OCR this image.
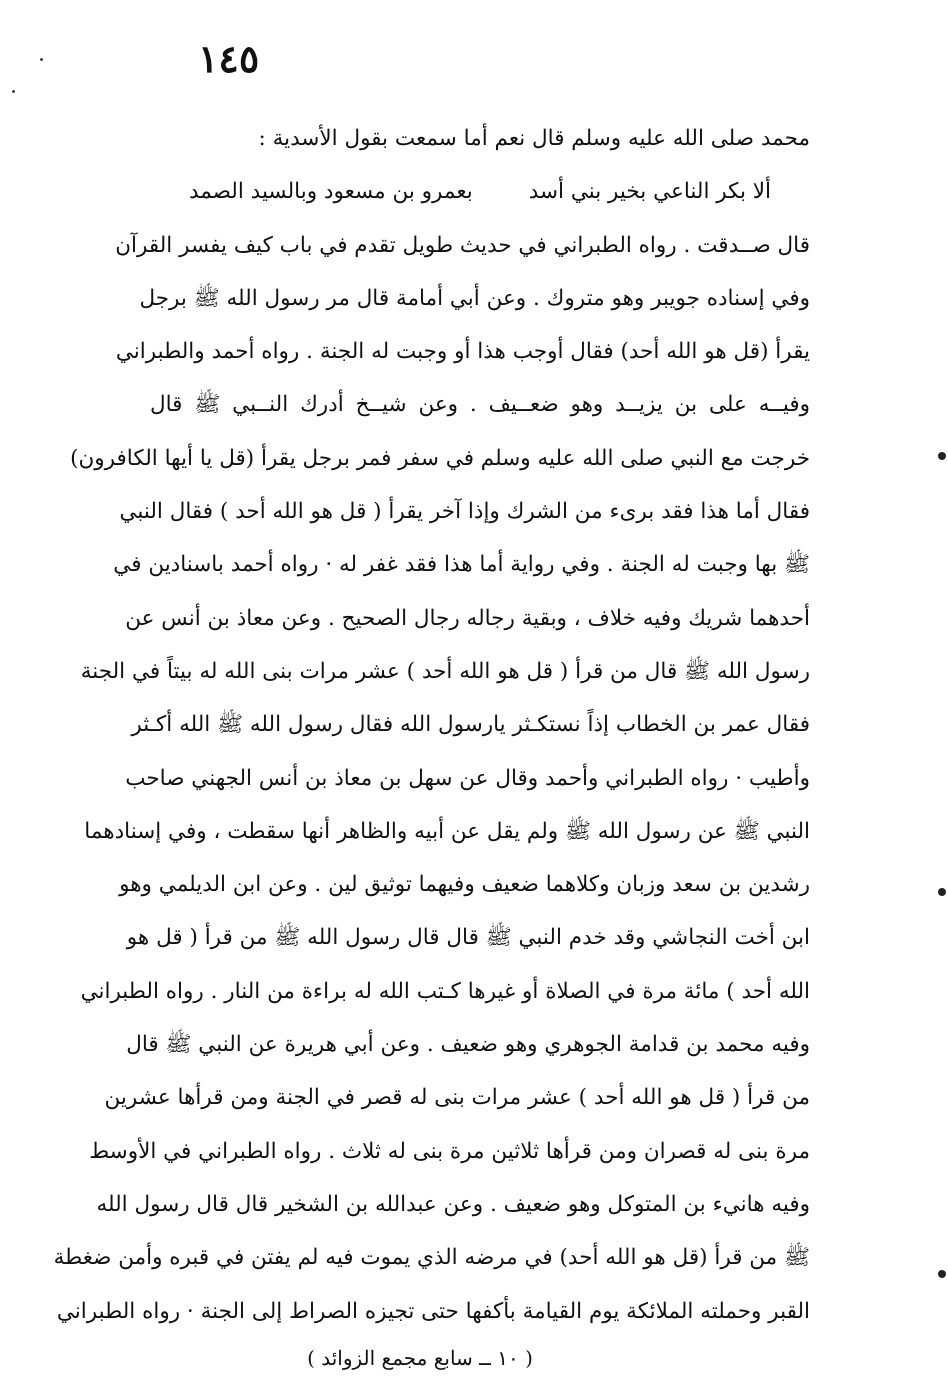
١٤٥
محمد صلى الله عليه وسلم قال نعم أما سمعت بقول الأسدية :
ألا بكر الناعي بخير بني أسدبعمرو بن مسعود وبالسيد الصمد
قال صــدقت . رواه الطبراني في حديث طويل تقدم في باب كيف يفسر القرآن
وفي إسناده جويبر وهو متروك . وعن أبي أمامة قال مر رسول الله ﷺ برجل
يقرأ (قل هو الله أحد) فقال أوجب هذا أو وجبت له الجنة . رواه أحمد والطبراني
وفيــه على بن يزيــد وهو ضعــيف . وعن شيــخ أدرك النــبي ﷺ قال
خرجت مع النبي صلى الله عليه وسلم في سفر فمر برجل يقرأ (قل يا أيها الكافرون)
فقال أما هذا فقد برىء من الشرك وإذا آخر يقرأ ( قل هو الله أحد ) فقال النبي
ﷺ بها وجبت له الجنة . وفي رواية أما هذا فقد غفر له · رواه أحمد باسنادين في
أحدهما شريك وفيه خلاف ، وبقية رجاله رجال الصحيح . وعن معاذ بن أنس عن
رسول الله ﷺ قال من قرأ ( قل هو الله أحد ) عشر مرات بنى الله له بيتاً في الجنة
فقال عمر بن الخطاب إذاً نستكـثر يارسول الله فقال رسول الله ﷺ الله أكـثر
وأطيب · رواه الطبراني وأحمد وقال عن سهل بن معاذ بن أنس الجهني صاحب
النبي ﷺ عن رسول الله ﷺ ولم يقل عن أبيه والظاهر أنها سقطت ، وفي إسنادهما
رشدين بن سعد وزبان وكلاهما ضعيف وفيهما توثيق لين . وعن ابن الديلمي وهو
ابن أخت النجاشي وقد خدم النبي ﷺ قال قال رسول الله ﷺ من قرأ ( قل هو
الله أحد ) مائة مرة في الصلاة أو غيرها كـتب الله له براءة من النار . رواه الطبراني
وفيه محمد بن قدامة الجوهري وهو ضعيف . وعن أبي هريرة عن النبي ﷺ قال
من قرأ ( قل هو الله أحد ) عشر مرات بنى له قصر في الجنة ومن قرأها عشرين
مرة بنى له قصران ومن قرأها ثلاثين مرة بنى له ثلاث . رواه الطبراني في الأوسط
وفيه هانيء بن المتوكل وهو ضعيف . وعن عبدالله بن الشخير قال قال رسول الله
ﷺ من قرأ (قل هو الله أحد) في مرضه الذي يموت فيه لم يفتن في قبره وأمن ضغطة
القبر وحملته الملائكة يوم القيامة بأكفها حتى تجيزه الصراط إلى الجنة · رواه الطبراني
( ١٠ ــ سابع مجمع الزوائد )
